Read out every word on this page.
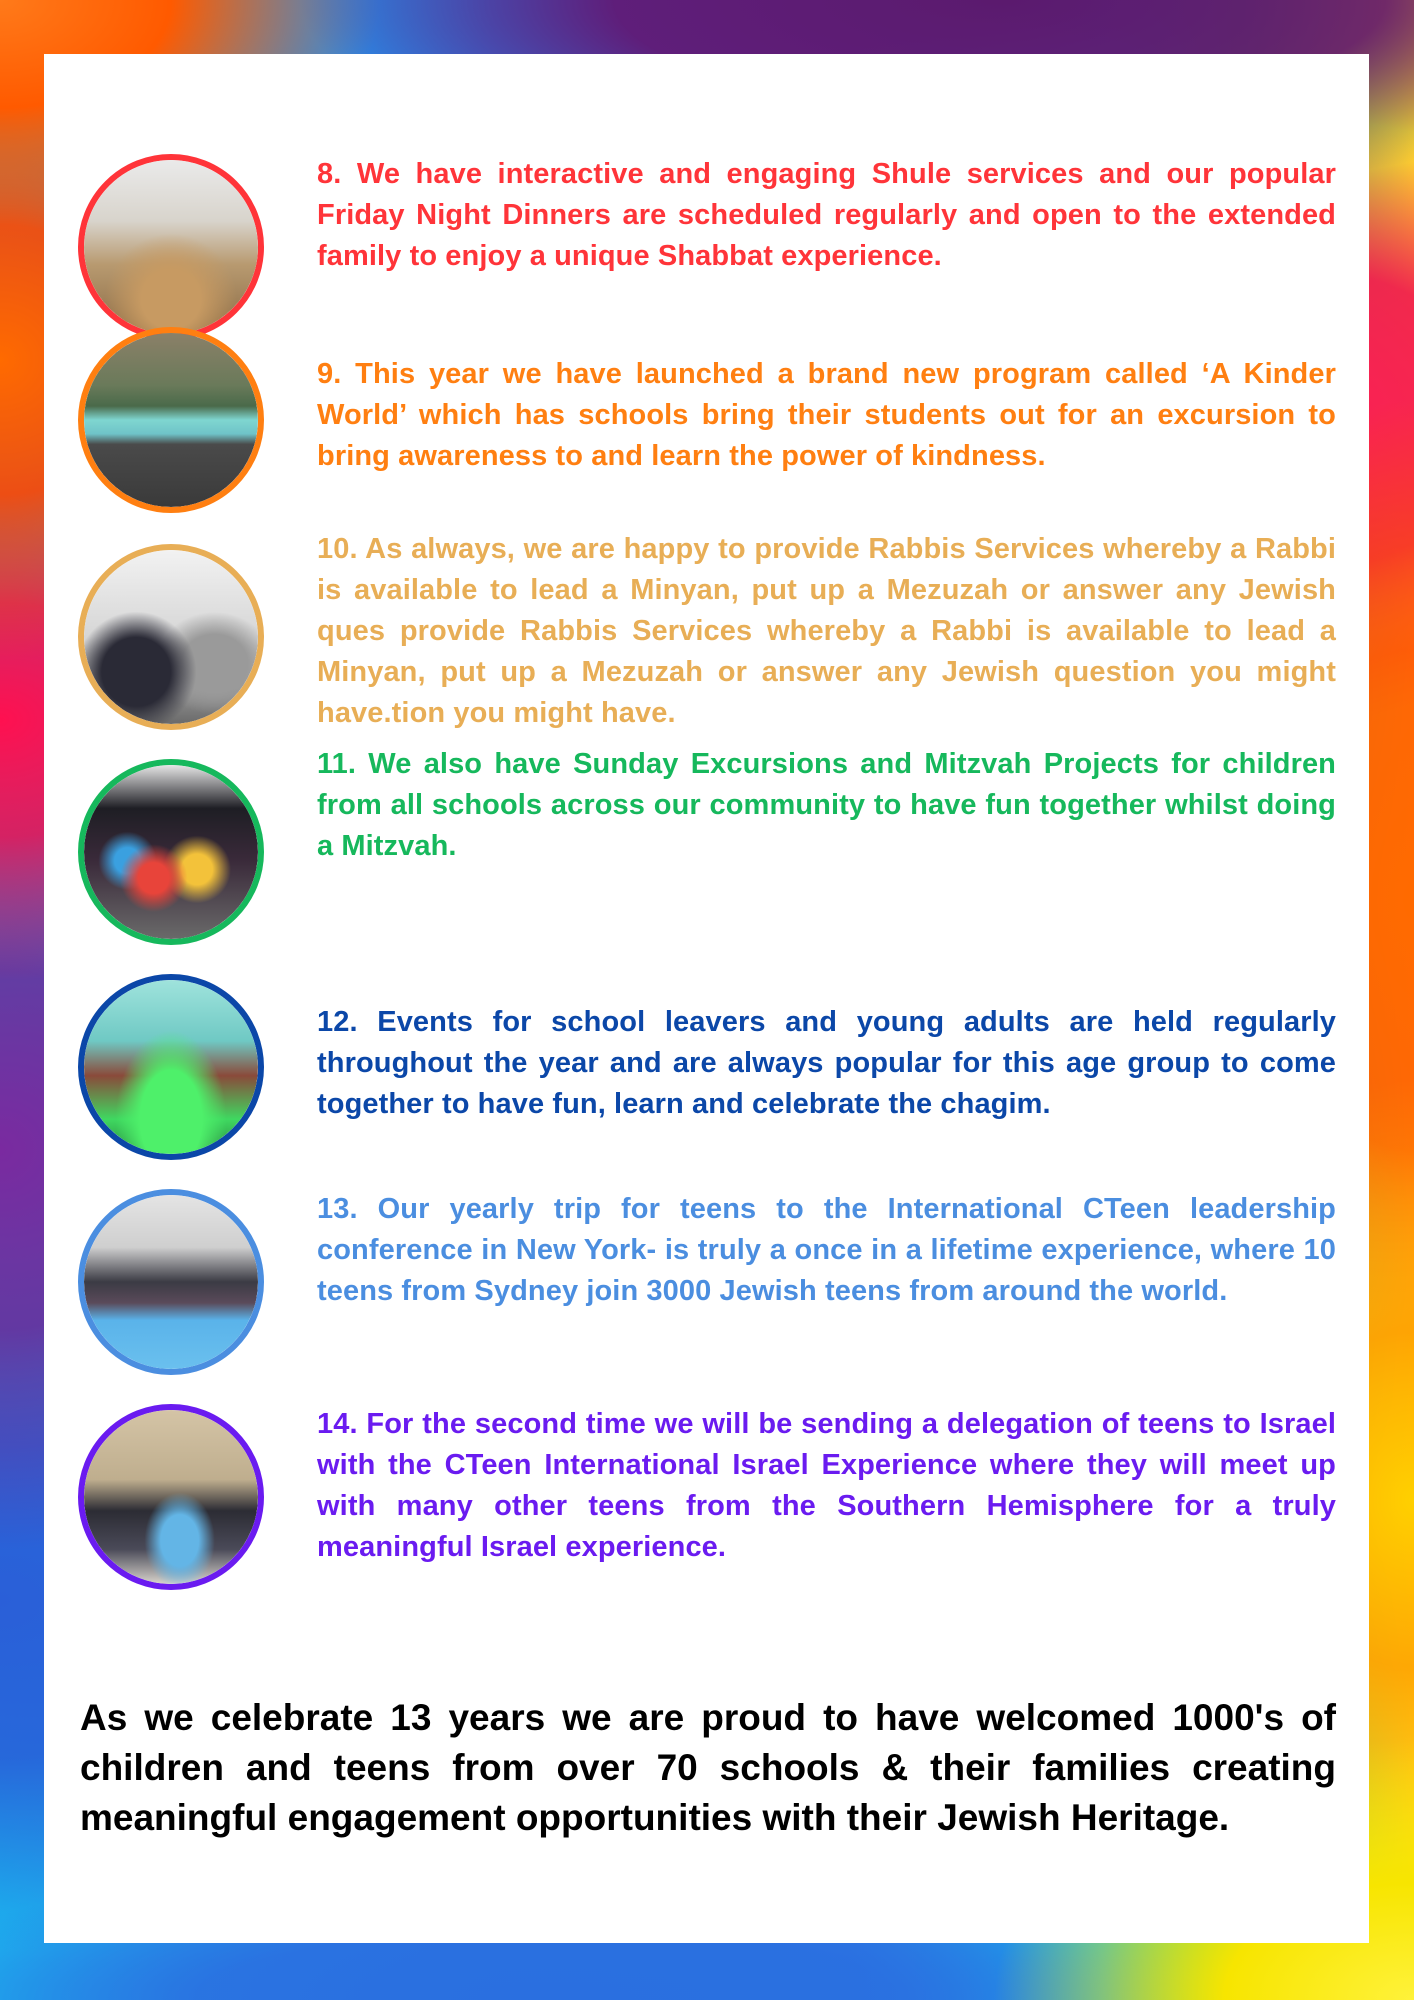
8. We have interactive and engaging Shule services and our popular Friday Night Dinners are scheduled regularly and open to the extended family to enjoy a unique Shabbat experience.

9. This year we have launched a brand new program called ‘A Kinder World’ which has schools bring their students out for an excursion to bring awareness to and learn the power of kindness.

10. As always, we are happy to provide Rabbis Services whereby a Rabbi is available to lead a Minyan, put up a Mezuzah or answer any Jewish ques provide Rabbis Services whereby a Rabbi is available to lead a Minyan, put up a Mezuzah or answer any Jewish question you might have.tion you might have.

11. We also have Sunday Excursions and Mitzvah Projects for children from all schools across our community to have fun together whilst doing a Mitzvah.

12. Events for school leavers and young adults are held regularly throughout the year and are always popular for this age group to come together to have fun, learn and celebrate the chagim.

13. Our yearly trip for teens to the International CTeen leadership conference in New York- is truly a once in a lifetime experience, where 10 teens from Sydney join 3000 Jewish teens from around the world.

14. For the second time we will be sending a delegation of teens to Israel with the CTeen International Israel Experience where they will meet up with many other teens from the Southern Hemisphere for a truly meaningful Israel experience.

As we celebrate 13 years we are proud to have welcomed 1000's of children and teens from over 70 schools & their families creating meaningful engagement opportunities with their Jewish Heritage.
